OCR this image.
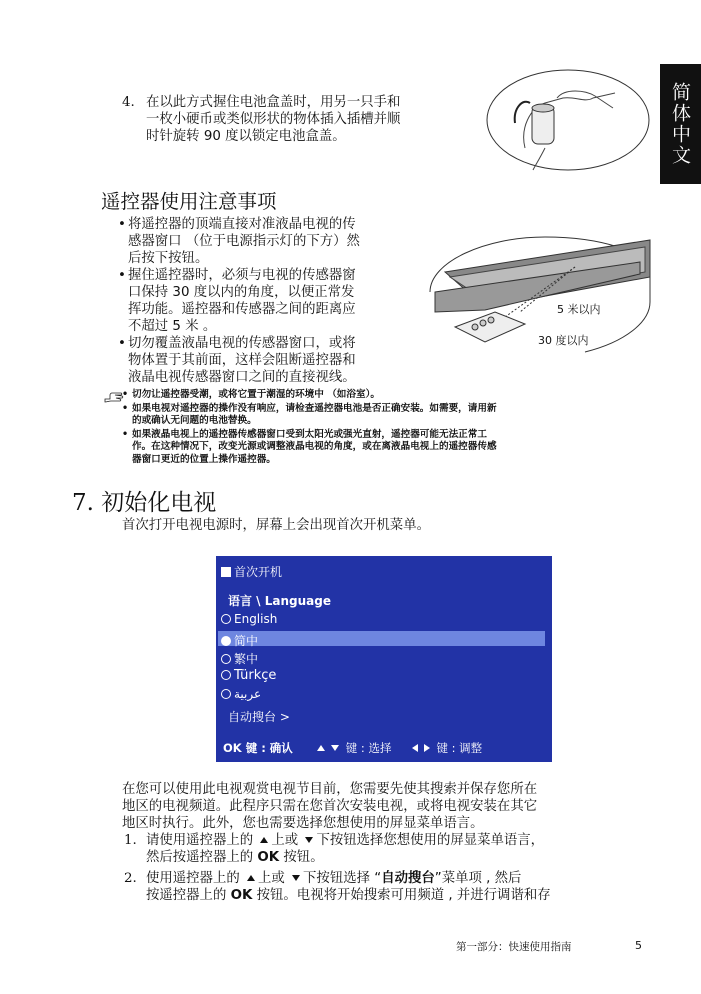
简体中文
4. 在以此方式握住电池盒盖时，用另一只手和
一枚小硬币或类似形状的物体插入插槽并顺
时针旋转 90 度以锁定电池盒盖。
遥控器使用注意事项
• 将遥控器的顶端直接对准液晶电视的传
感器窗口 （位于电源指示灯的下方）然
后按下按钮。
• 握住遥控器时，必须与电视的传感器窗
口保持 30 度以内的角度，以便正常发
挥功能。遥控器和传感器之间的距离应
不超过 5 米 。
• 切勿覆盖液晶电视的传感器窗口，或将
物体置于其前面，这样会阻断遥控器和
液晶电视传感器窗口之间的直接视线。
5 米以内
30 度以内
• 切勿让遥控器受潮，或将它置于潮湿的环境中 （如浴室）。
• 如果电视对遥控器的操作没有响应，请检查遥控器电池是否正确安装。如需要，请用新
的或确认无问题的电池替换。
• 如果液晶电视上的遥控器传感器窗口受到太阳光或强光直射，遥控器可能无法正常工
作。在这种情况下，改变光源或调整液晶电视的角度，或在离液晶电视上的遥控器传感
器窗口更近的位置上操作遥控器。
7. 初始化电视
首次打开电视电源时，屏幕上会出现首次开机菜单。
首次开机
语言 \ Language
English
简中
繁中
Türkçe
عربية
自动搜台 >
OK 键 : 确认	键 : 选择	键 : 调整
在您可以使用此电视观赏电视节目前，您需要先使其搜索并保存您所在
地区的电视频道。此程序只需在您首次安装电视，或将电视安装在其它
地区时执行。此外，您也需要选择您想使用的屏显菜单语言。
1. 请使用遥控器上的 上或 下按钮选择您想使用的屏显菜单语言，
然后按遥控器上的 OK 按钮。
2. 使用遥控器上的 上或 下按钮选择 “自动搜台”菜单项 , 然后
按遥控器上的 OK 按钮。电视将开始搜索可用频道 , 并进行调谐和存
第一部分：快速使用指南	5
